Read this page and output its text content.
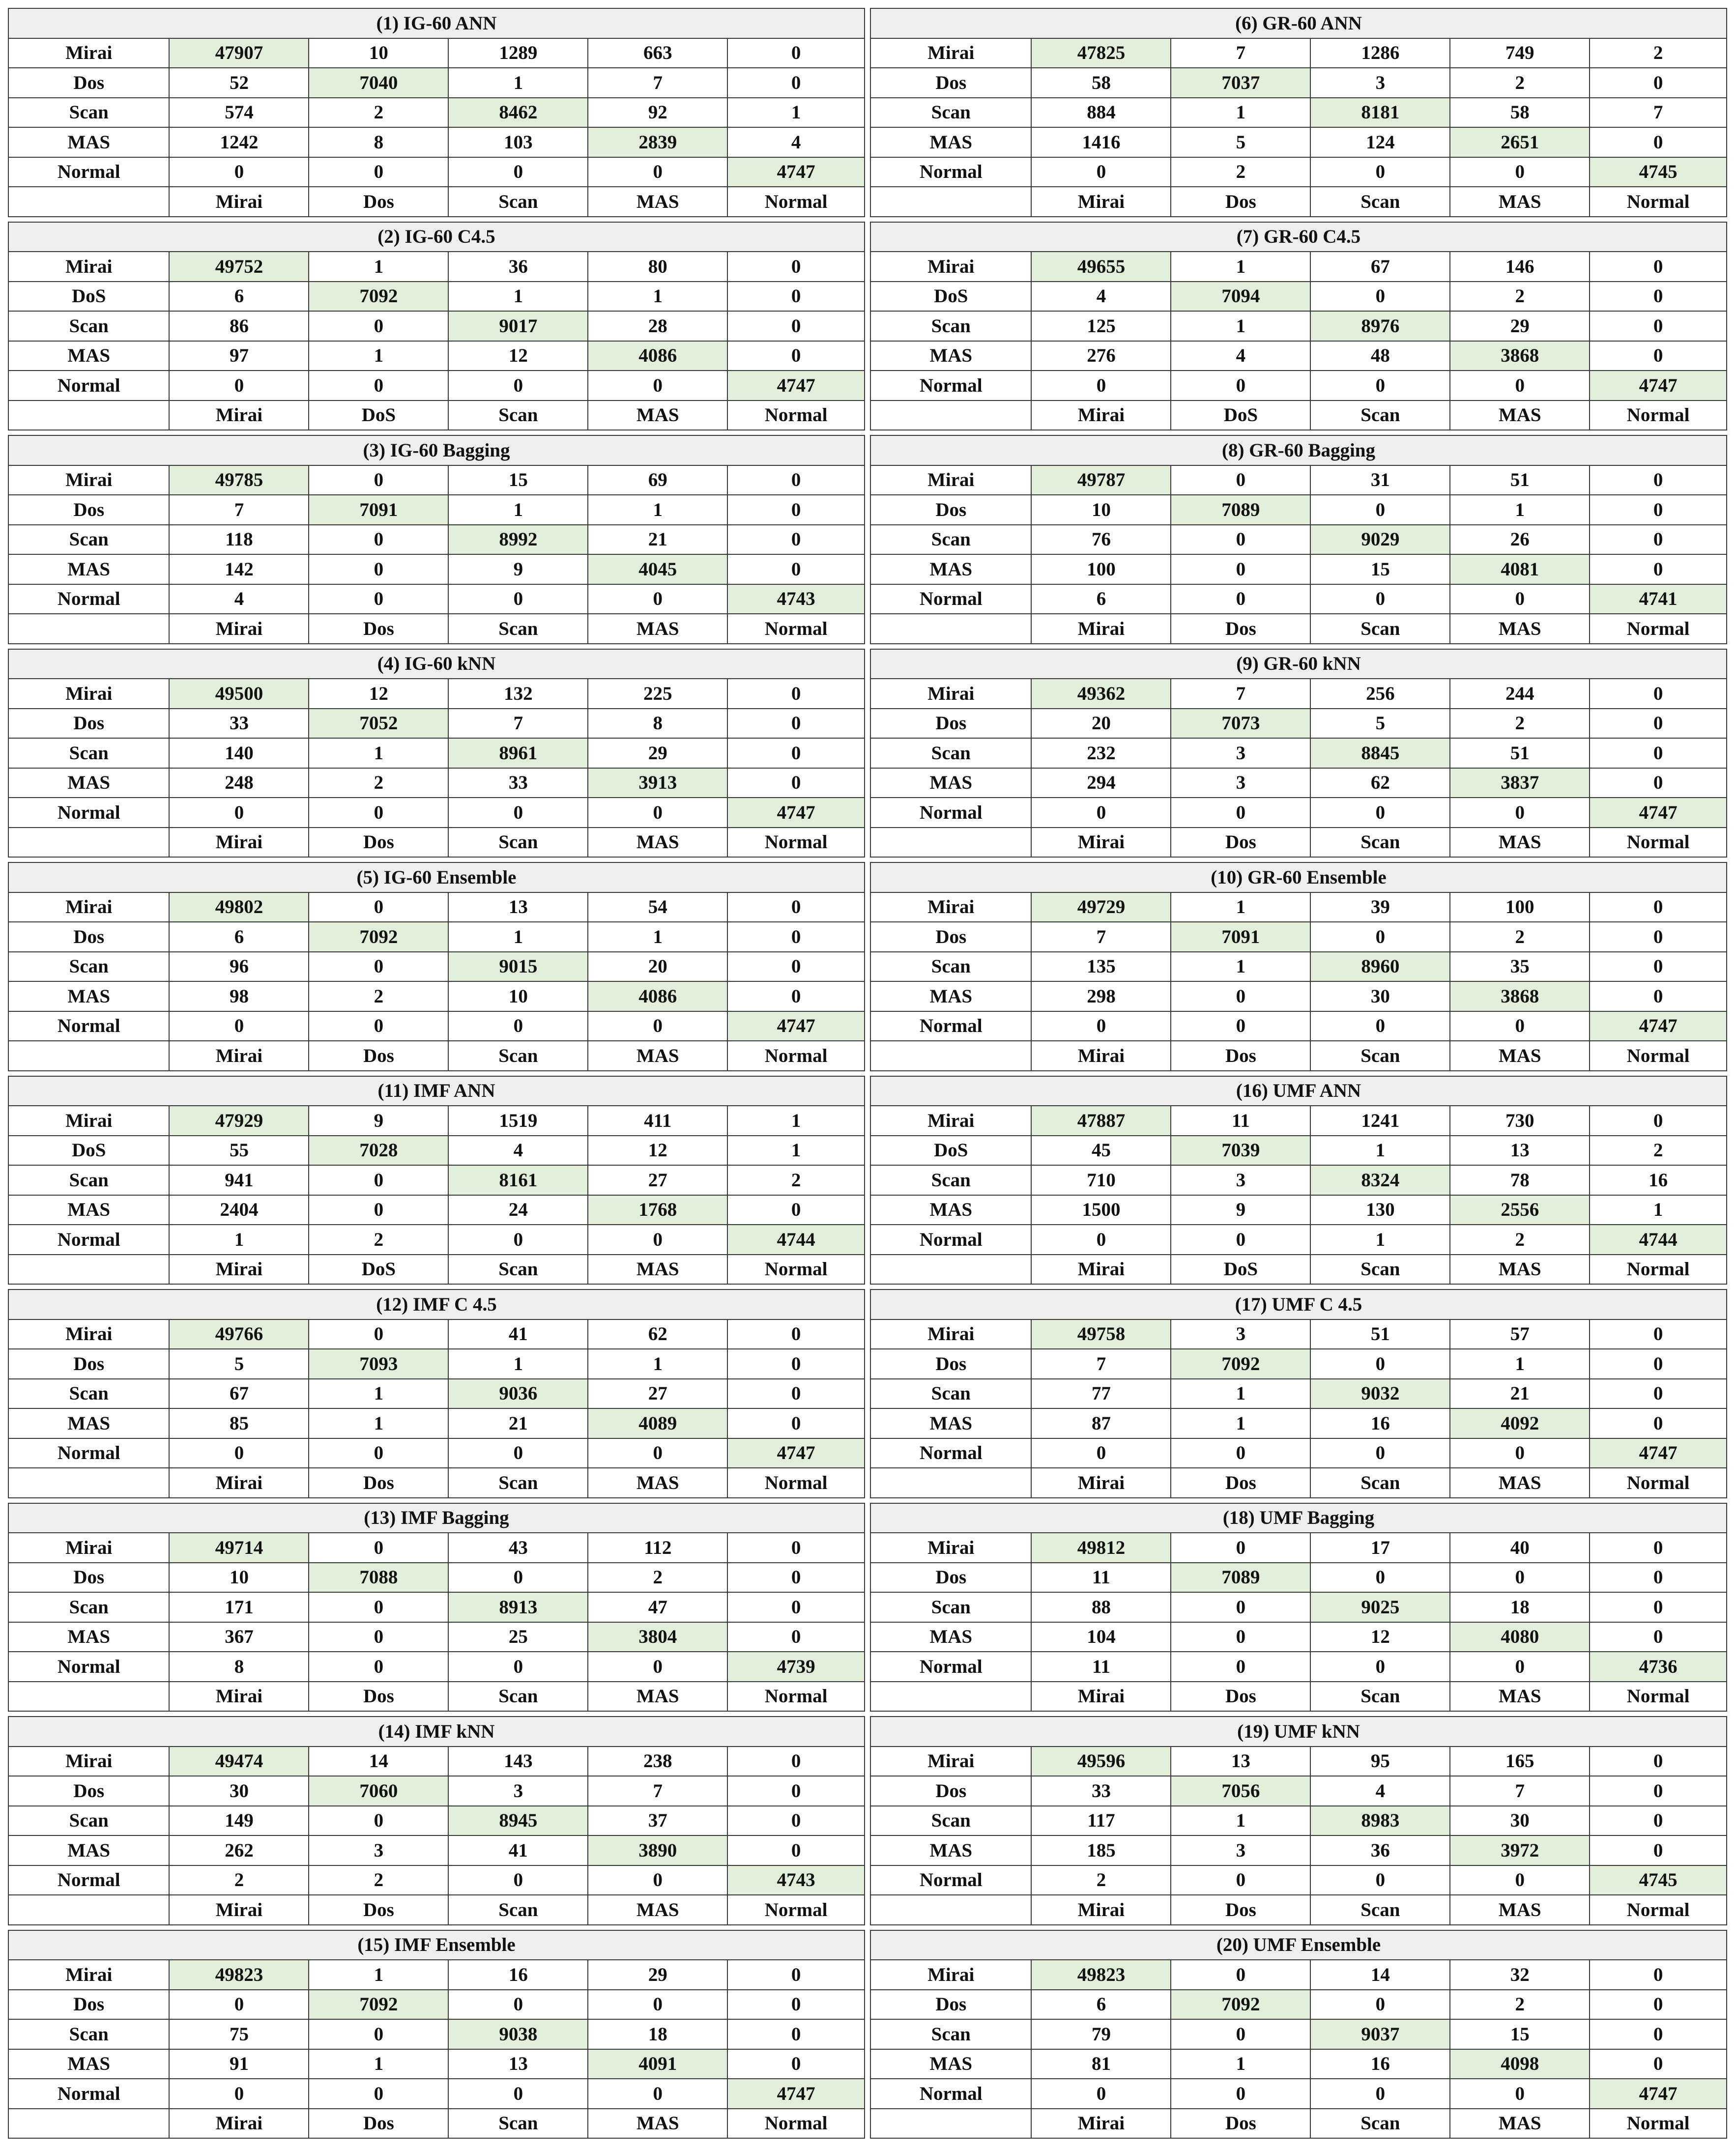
(1) IG-60 ANN					
Mirai	47907	10	1289	663	0
Dos	52	7040	1	7	0
Scan	574	2	8462	92	1
MAS	1242	8	103	2839	4
Normal	0	0	0	0	4747
	Mirai	Dos	Scan	MAS	Normal
(6) GR-60 ANN					
Mirai	47825	7	1286	749	2
Dos	58	7037	3	2	0
Scan	884	1	8181	58	7
MAS	1416	5	124	2651	0
Normal	0	2	0	0	4745
	Mirai	Dos	Scan	MAS	Normal
(2) IG-60 C4.5					
Mirai	49752	1	36	80	0
DoS	6	7092	1	1	0
Scan	86	0	9017	28	0
MAS	97	1	12	4086	0
Normal	0	0	0	0	4747
	Mirai	DoS	Scan	MAS	Normal
(7) GR-60 C4.5					
Mirai	49655	1	67	146	0
DoS	4	7094	0	2	0
Scan	125	1	8976	29	0
MAS	276	4	48	3868	0
Normal	0	0	0	0	4747
	Mirai	DoS	Scan	MAS	Normal
(3) IG-60 Bagging					
Mirai	49785	0	15	69	0
Dos	7	7091	1	1	0
Scan	118	0	8992	21	0
MAS	142	0	9	4045	0
Normal	4	0	0	0	4743
	Mirai	Dos	Scan	MAS	Normal
(8) GR-60 Bagging					
Mirai	49787	0	31	51	0
Dos	10	7089	0	1	0
Scan	76	0	9029	26	0
MAS	100	0	15	4081	0
Normal	6	0	0	0	4741
	Mirai	Dos	Scan	MAS	Normal
(4) IG-60 kNN					
Mirai	49500	12	132	225	0
Dos	33	7052	7	8	0
Scan	140	1	8961	29	0
MAS	248	2	33	3913	0
Normal	0	0	0	0	4747
	Mirai	Dos	Scan	MAS	Normal
(9) GR-60 kNN					
Mirai	49362	7	256	244	0
Dos	20	7073	5	2	0
Scan	232	3	8845	51	0
MAS	294	3	62	3837	0
Normal	0	0	0	0	4747
	Mirai	Dos	Scan	MAS	Normal
(5) IG-60 Ensemble					
Mirai	49802	0	13	54	0
Dos	6	7092	1	1	0
Scan	96	0	9015	20	0
MAS	98	2	10	4086	0
Normal	0	0	0	0	4747
	Mirai	Dos	Scan	MAS	Normal
(10) GR-60 Ensemble					
Mirai	49729	1	39	100	0
Dos	7	7091	0	2	0
Scan	135	1	8960	35	0
MAS	298	0	30	3868	0
Normal	0	0	0	0	4747
	Mirai	Dos	Scan	MAS	Normal
(11) IMF ANN					
Mirai	47929	9	1519	411	1
DoS	55	7028	4	12	1
Scan	941	0	8161	27	2
MAS	2404	0	24	1768	0
Normal	1	2	0	0	4744
	Mirai	DoS	Scan	MAS	Normal
(16) UMF ANN					
Mirai	47887	11	1241	730	0
DoS	45	7039	1	13	2
Scan	710	3	8324	78	16
MAS	1500	9	130	2556	1
Normal	0	0	1	2	4744
	Mirai	DoS	Scan	MAS	Normal
(12) IMF C 4.5					
Mirai	49766	0	41	62	0
Dos	5	7093	1	1	0
Scan	67	1	9036	27	0
MAS	85	1	21	4089	0
Normal	0	0	0	0	4747
	Mirai	Dos	Scan	MAS	Normal
(17) UMF C 4.5					
Mirai	49758	3	51	57	0
Dos	7	7092	0	1	0
Scan	77	1	9032	21	0
MAS	87	1	16	4092	0
Normal	0	0	0	0	4747
	Mirai	Dos	Scan	MAS	Normal
(13) IMF Bagging					
Mirai	49714	0	43	112	0
Dos	10	7088	0	2	0
Scan	171	0	8913	47	0
MAS	367	0	25	3804	0
Normal	8	0	0	0	4739
	Mirai	Dos	Scan	MAS	Normal
(18) UMF Bagging					
Mirai	49812	0	17	40	0
Dos	11	7089	0	0	0
Scan	88	0	9025	18	0
MAS	104	0	12	4080	0
Normal	11	0	0	0	4736
	Mirai	Dos	Scan	MAS	Normal
(14) IMF kNN					
Mirai	49474	14	143	238	0
Dos	30	7060	3	7	0
Scan	149	0	8945	37	0
MAS	262	3	41	3890	0
Normal	2	2	0	0	4743
	Mirai	Dos	Scan	MAS	Normal
(19) UMF kNN					
Mirai	49596	13	95	165	0
Dos	33	7056	4	7	0
Scan	117	1	8983	30	0
MAS	185	3	36	3972	0
Normal	2	0	0	0	4745
	Mirai	Dos	Scan	MAS	Normal
(15) IMF Ensemble					
Mirai	49823	1	16	29	0
Dos	0	7092	0	0	0
Scan	75	0	9038	18	0
MAS	91	1	13	4091	0
Normal	0	0	0	0	4747
	Mirai	Dos	Scan	MAS	Normal
(20) UMF Ensemble					
Mirai	49823	0	14	32	0
Dos	6	7092	0	2	0
Scan	79	0	9037	15	0
MAS	81	1	16	4098	0
Normal	0	0	0	0	4747
	Mirai	Dos	Scan	MAS	Normal
